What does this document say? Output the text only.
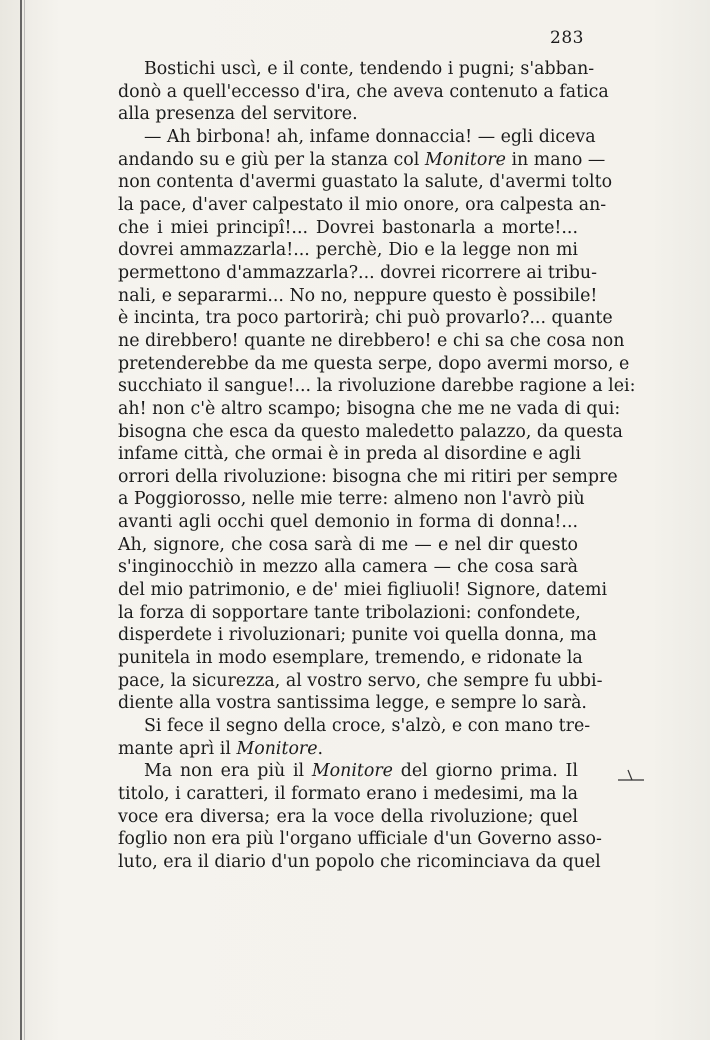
283

Bostichi uscì, e il conte, tendendo i pugni; s'abban-
donò a quell'eccesso d'ira, che aveva contenuto a fatica
alla presenza del servitore.

— Ah birbona! ah, infame donnaccia! — egli diceva
andando su e giù per la stanza col Monitore in mano —
non contenta d'avermi guastato la salute, d'avermi tolto
la pace, d'aver calpestato il mio onore, ora calpesta an-
che i miei principî!... Dovrei bastonarla a morte!...
dovrei ammazzarla!... perchè, Dio e la legge non mi
permettono d'ammazzarla?... dovrei ricorrere ai tribu-
nali, e separarmi... No no, neppure questo è possibile!
è incinta, tra poco partorirà; chi può provarlo?... quante
ne direbbero! quante ne direbbero! e chi sa che cosa non
pretenderebbe da me questa serpe, dopo avermi morso, e
succhiato il sangue!... la rivoluzione darebbe ragione a lei:
ah! non c'è altro scampo; bisogna che me ne vada di qui:
bisogna che esca da questo maledetto palazzo, da questa
infame città, che ormai è in preda al disordine e agli
orrori della rivoluzione: bisogna che mi ritiri per sempre
a Poggiorosso, nelle mie terre: almeno non l'avrò più
avanti agli occhi quel demonio in forma di donna!...
Ah, signore, che cosa sarà di me — e nel dir questo
s'inginocchiò in mezzo alla camera — che cosa sarà
del mio patrimonio, e de' miei figliuoli! Signore, datemi
la forza di sopportare tante tribolazioni: confondete,
disperdete i rivoluzionari; punite voi quella donna, ma
punitela in modo esemplare, tremendo, e ridonate la
pace, la sicurezza, al vostro servo, che sempre fu ubbi-
diente alla vostra santissima legge, e sempre lo sarà.

Si fece il segno della croce, s'alzò, e con mano tre-
mante aprì il Monitore.

Ma non era più il Monitore del giorno prima. Il
titolo, i caratteri, il formato erano i medesimi, ma la
voce era diversa; era la voce della rivoluzione; quel
foglio non era più l'organo ufficiale d'un Governo asso-
luto, era il diario d'un popolo che ricominciava da quel
